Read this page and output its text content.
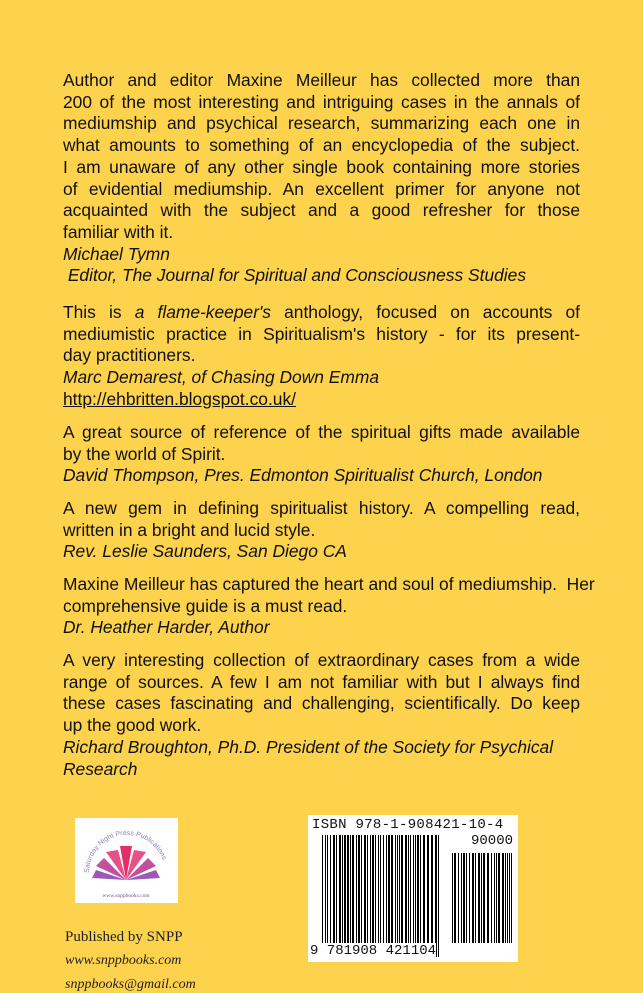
Author and editor Maxine Meilleur has collected more than
200 of the most interesting and intriguing cases in the annals of
mediumship and psychical research, summarizing each one in
what amounts to something of an encyclopedia of the subject.
I am unaware of any other single book containing more stories
of evidential mediumship. An excellent primer for anyone not
acquainted with the subject and a good refresher for those
familiar with it.
Michael Tymn
Editor, The Journal for Spiritual and Consciousness Studies
This is a flame-keeper's anthology, focused on accounts of
mediumistic practice in Spiritualism's history - for its present-
day practitioners.
Marc Demarest, of Chasing Down Emma
http://ehbritten.blogspot.co.uk/
A great source of reference of the spiritual gifts made available
by the world of Spirit.
David Thompson, Pres. Edmonton Spiritualist Church, London
A new gem in defining spiritualist history. A compelling read,
written in a bright and lucid style.
Rev. Leslie Saunders, San Diego CA
Maxine Meilleur has captured the heart and soul of mediumship.  Her
comprehensive guide is a must read.
Dr. Heather Harder, Author
A very interesting collection of extraordinary cases from a wide
range of sources. A few I am not familiar with but I always find
these cases fascinating and challenging, scientifically. Do keep
up the good work.
Richard Broughton, Ph.D. President of the Society for Psychical
Research
Saturday Night Press Publications
www.snppbooks.com
ISBN 978-1-908421-10-4
90000
9 781908 421104
Published by SNPP
www.snppbooks.com
snppbooks@gmail.com
